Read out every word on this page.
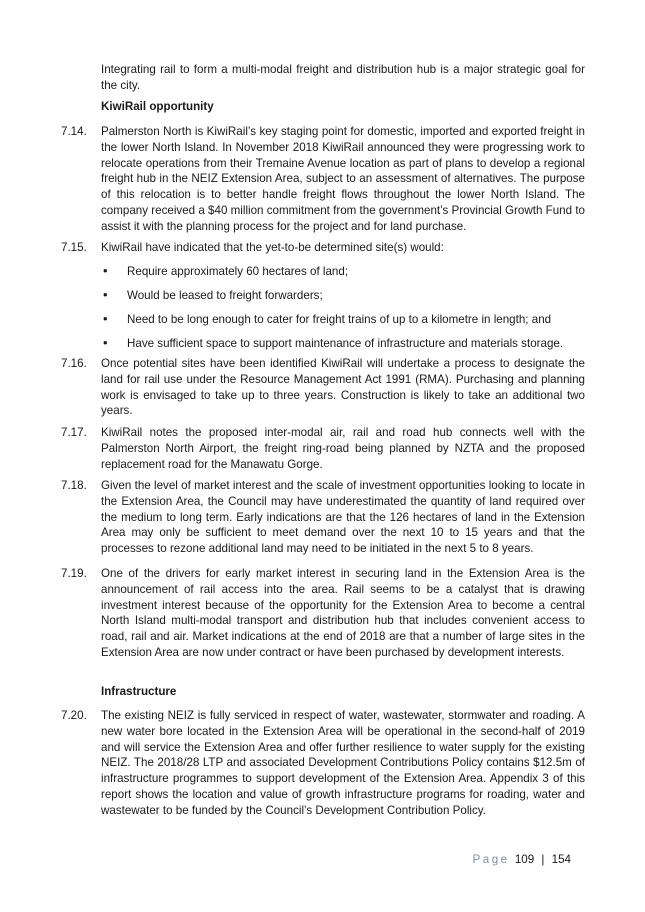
Integrating rail to form a multi-modal freight and distribution hub is a major strategic goal for the city.
KiwiRail opportunity
7.14.	Palmerston North is KiwiRail’s key staging point for domestic, imported and exported freight in the lower North Island. In November 2018 KiwiRail announced they were progressing work to relocate operations from their Tremaine Avenue location as part of plans to develop a regional freight hub in the NEIZ Extension Area, subject to an assessment of alternatives. The purpose of this relocation is to better handle freight flows throughout the lower North Island. The company received a $40 million commitment from the government’s Provincial Growth Fund to assist it with the planning process for the project and for land purchase.
7.15.	KiwiRail have indicated that the yet-to-be determined site(s) would:
• Require approximately 60 hectares of land;
• Would be leased to freight forwarders;
• Need to be long enough to cater for freight trains of up to a kilometre in length; and
• Have sufficient space to support maintenance of infrastructure and materials storage.
7.16.	Once potential sites have been identified KiwiRail will undertake a process to designate the land for rail use under the Resource Management Act 1991 (RMA). Purchasing and planning work is envisaged to take up to three years. Construction is likely to take an additional two years.
7.17.	KiwiRail notes the proposed inter-modal air, rail and road hub connects well with the Palmerston North Airport, the freight ring-road being planned by NZTA and the proposed replacement road for the Manawatu Gorge.
7.18.	Given the level of market interest and the scale of investment opportunities looking to locate in the Extension Area, the Council may have underestimated the quantity of land required over the medium to long term. Early indications are that the 126 hectares of land in the Extension Area may only be sufficient to meet demand over the next 10 to 15 years and that the processes to rezone additional land may need to be initiated in the next 5 to 8 years.
7.19.	One of the drivers for early market interest in securing land in the Extension Area is the announcement of rail access into the area. Rail seems to be a catalyst that is drawing investment interest because of the opportunity for the Extension Area to become a central North Island multi-modal transport and distribution hub that includes convenient access to road, rail and air. Market indications at the end of 2018 are that a number of large sites in the Extension Area are now under contract or have been purchased by development interests.
Infrastructure
7.20.	The existing NEIZ is fully serviced in respect of water, wastewater, stormwater and roading. A new water bore located in the Extension Area will be operational in the second-half of 2019 and will service the Extension Area and offer further resilience to water supply for the existing NEIZ. The 2018/28 LTP and associated Development Contributions Policy contains $12.5m of infrastructure programmes to support development of the Extension Area. Appendix 3 of this report shows the location and value of growth infrastructure programs for roading, water and wastewater to be funded by the Council’s Development Contribution Policy.
Page 109 | 154
